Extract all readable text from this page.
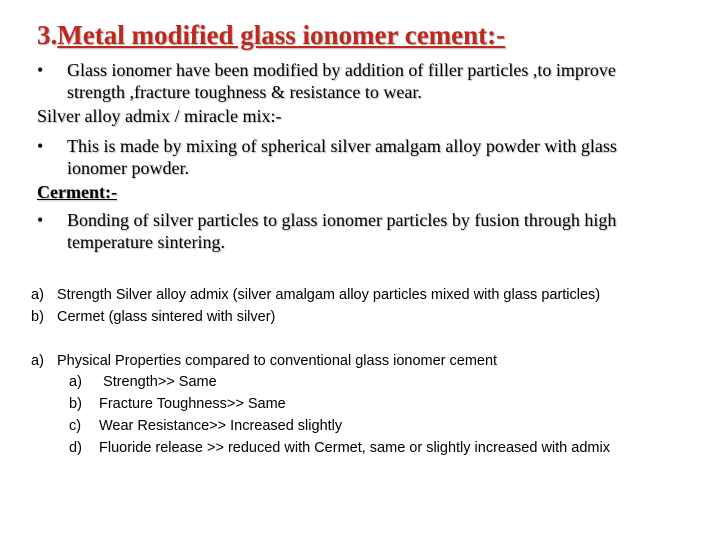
3.Metal modified glass ionomer cement:-
• Glass ionomer have been modified by addition of filler particles ,to improve
strength ,fracture toughness & resistance to wear.
Silver alloy admix / miracle mix:-
• This is made by mixing of spherical silver amalgam alloy powder with glass
ionomer powder.
Cerment:-
• Bonding of silver particles to glass ionomer particles by fusion through high
temperature sintering.
a) Strength Silver alloy admix (silver amalgam alloy particles mixed with glass particles)
b) Cermet (glass sintered with silver)
a) Physical Properties compared to conventional glass ionomer cement
a) Strength>> Same
b) Fracture Toughness>> Same
c) Wear Resistance>> Increased slightly
d) Fluoride release >> reduced with Cermet, same or slightly increased with admix
